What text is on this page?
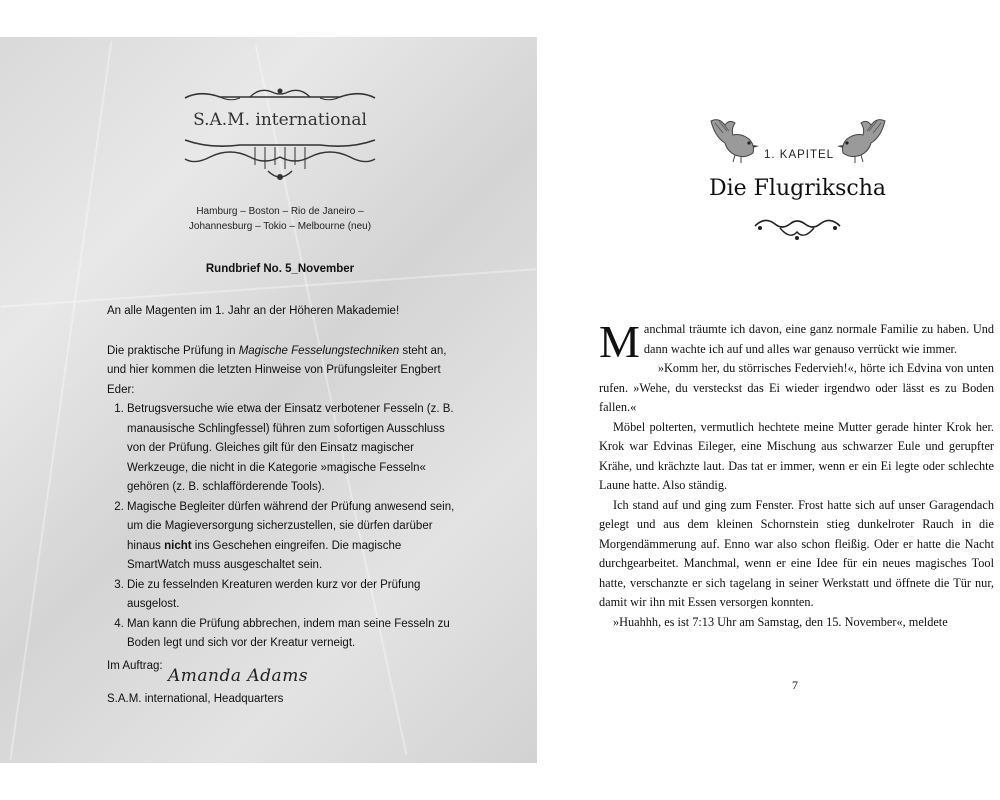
S.A.M. international
Hamburg – Boston – Rio de Janeiro –
Johannesburg – Tokio – Melbourne (neu)
Rundbrief No. 5_November

An alle Magenten im 1. Jahr an der Höheren Makademie!

Die praktische Prüfung in Magische Fesselungstechniken steht an, und hier kommen die letzten Hinweise von Prüfungsleiter Engbert Eder:

1. Betrugsversuche wie etwa der Einsatz verbotener Fesseln (z. B. manausische Schlingfessel) führen zum sofortigen Ausschluss von der Prüfung. Gleiches gilt für den Einsatz magischer Werkzeuge, die nicht in die Kategorie »magische Fesseln« gehören (z. B. schlafförderende Tools).
2. Magische Begleiter dürfen während der Prüfung anwesend sein, um die Magieversorgung sicherzustellen, sie dürfen darüber hinaus nicht ins Geschehen eingreifen. Die magische SmartWatch muss ausgeschaltet sein.
3. Die zu fesselnden Kreaturen werden kurz vor der Prüfung ausgelost.
4. Man kann die Prüfung abbrechen, indem man seine Fesseln zu Boden legt und sich vor der Kreatur verneigt.
Im Auftrag: Amanda Adams
S.A.M. international, Headquarters
1. KAPITEL
Die Flugrikscha

Manchmal träumte ich davon, eine ganz normale Familie zu haben. Und dann wachte ich auf und alles war genauso verrückt wie immer.

»Komm her, du störrisches Federvieh!«, hörte ich Edvina von unten rufen. »Wehe, du versteckst das Ei wieder irgendwo oder lässt es zu Boden fallen.«

Möbel polterten, vermutlich hechtete meine Mutter gerade hinter Krok her. Krok war Edvinas Eileger, eine Mischung aus schwarzer Eule und gerupfter Krähe, und krächzte laut. Das tat er immer, wenn er ein Ei legte oder schlechte Laune hatte. Also ständig.

Ich stand auf und ging zum Fenster. Frost hatte sich auf unser Garagendach gelegt und aus dem kleinen Schornstein stieg dunkelroter Rauch in die Morgendämmerung auf. Enno war also schon fleißig. Oder er hatte die Nacht durchgearbeitet. Manchmal, wenn er eine Idee für ein neues magisches Tool hatte, verschanzte er sich tagelang in seiner Werkstatt und öffnete die Tür nur, damit wir ihn mit Essen versorgen konnten.

»Huahhh, es ist 7:13 Uhr am Samstag, den 15. November«, meldete

7
